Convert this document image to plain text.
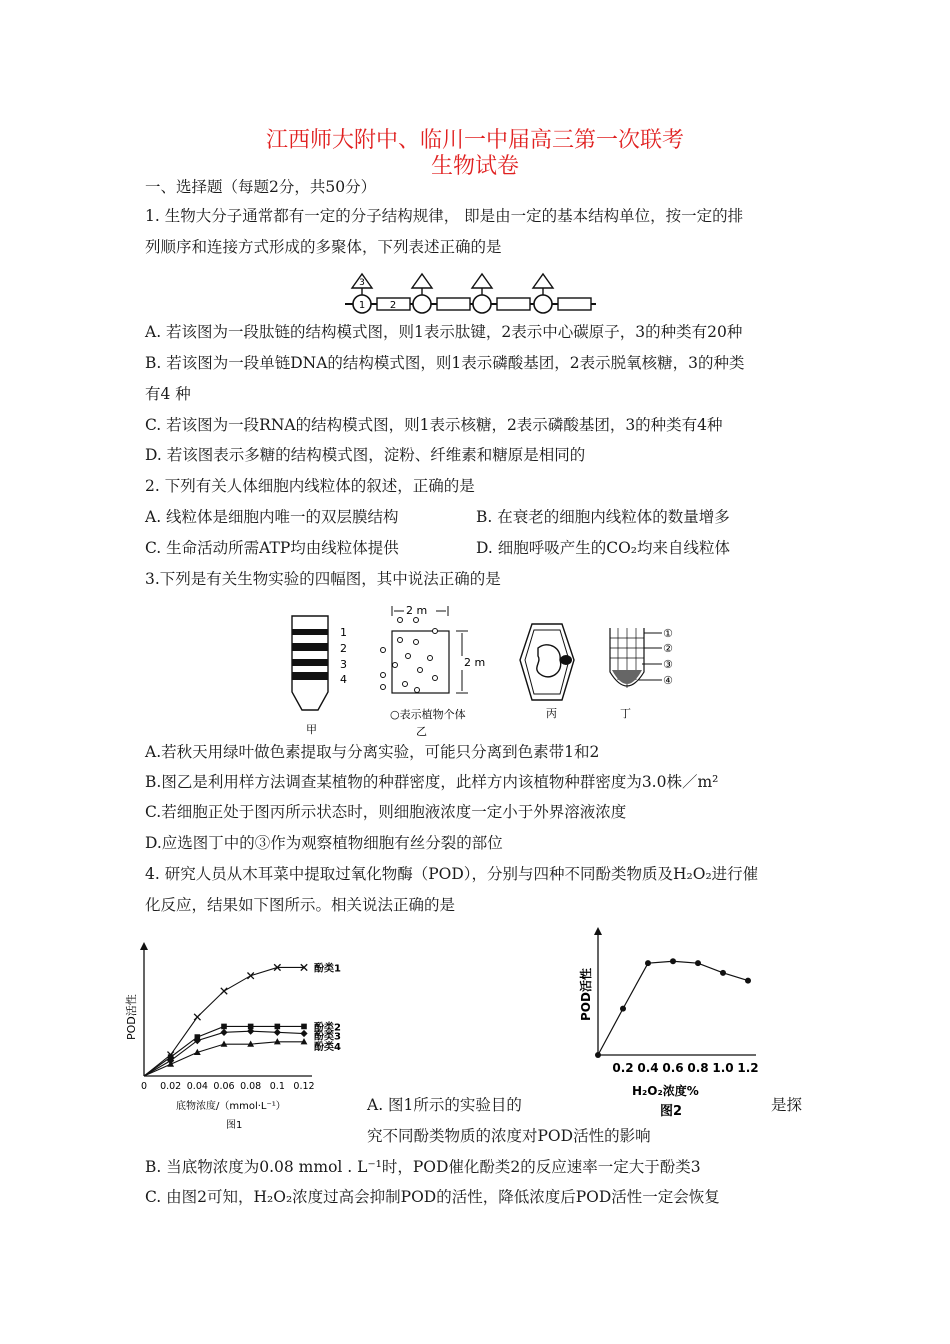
江西师大附中、临川一中届高三第一次联考
生物试卷
一、选择题（每题2分，共50分）
1. 生物大分子通常都有一定的分子结构规律， 即是由一定的基本结构单位，按一定的排
列顺序和连接方式形成的多聚体，下列表述正确的是
1
3
2
A. 若该图为一段肽链的结构模式图，则1表示肽键，2表示中心碳原子，3的种类有20种
B. 若该图为一段单链DNA的结构模式图，则1表示磷酸基团，2表示脱氧核糖，3的种类
有4 种
C. 若该图为一段RNA的结构模式图，则1表示核糖，2表示磷酸基团，3的种类有4种
D. 若该图表示多糖的结构模式图，淀粉、纤维素和糖原是相同的
2. 下列有关人体细胞内线粒体的叙述，正确的是
A. 线粒体是细胞内唯一的双层膜结构	B. 在衰老的细胞内线粒体的数量增多
C. 生命活动所需ATP均由线粒体提供	D. 细胞呼吸产生的CO₂均来自线粒体
3.下列是有关生物实验的四幅图，其中说法正确的是
1
2
3
4
甲
2 m
2 m
○表示植物个体
乙
丙
①
②
③
④
丁
A.若秋天用绿叶做色素提取与分离实验，可能只分离到色素带1和2
B.图乙是利用样方法调查某植物的种群密度，此样方内该植物种群密度为3.0株／m²
C.若细胞正处于图丙所示状态时，则细胞液浓度一定小于外界溶液浓度
D.应选图丁中的③作为观察植物细胞有丝分裂的部位
4. 研究人员从木耳菜中提取过氧化物酶（POD），分别与四种不同酚类物质及H₂O₂进行催
化反应，结果如下图所示。相关说法正确的是
POD活性
底物浓度/（mmol·L⁻¹）
图1
0 0.02 0.04 0.06 0.08 0.1 0.12
酚类1
酚类2
酚类3
酚类4
POD活性
H₂O₂浓度%
图2
0.2 0.4 0.6 0.8 1.0 1.2
A. 图1所示的实验目的	是探
究不同酚类物质的浓度对POD活性的影响
B. 当底物浓度为0.08 mmol . L⁻¹时，POD催化酚类2的反应速率一定大于酚类3
C. 由图2可知，H₂O₂浓度过高会抑制POD的活性，降低浓度后POD活性一定会恢复
